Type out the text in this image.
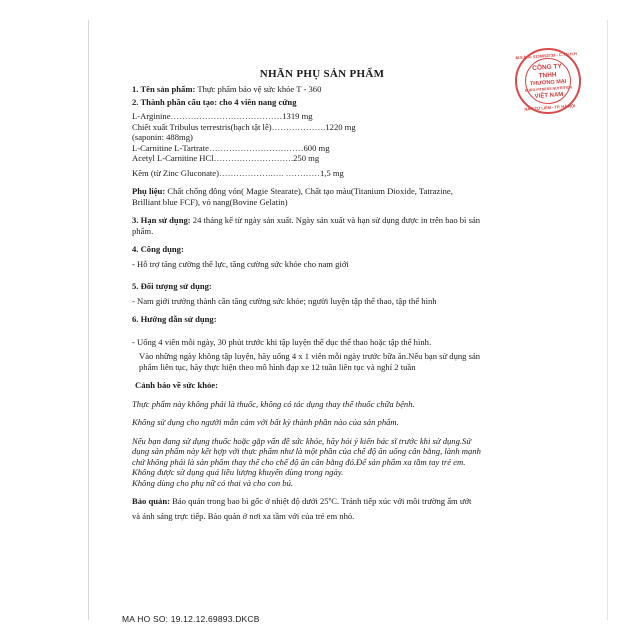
NHÃN PHỤ SẢN PHẨM
M.S.D.N: 0106653739 - C.T.N.H.H
CÔNG TY
TNHH
THƯƠNG MẠI
EURO FITNESS NUTRITION
VIỆT NAM
NAM TỪ LIÊM - TP. HÀ NỘI
1. Tên sản phẩm: Thực phẩm bảo vệ sức khỏe T - 360
2. Thành phần cấu tạo: cho 4 viên nang cứng
L-Arginine ………………………………… 1319 mg
Chiết xuất Tribulus terrestris(bạch tật lê) ………………. 1220 mg
(saponin: 488mg)
L-Carnitine L-Tartrate …………………………… 600 mg
Acetyl L-Carnitine HCl ………………………. 250 mg
Kẽm (từ Zinc Gluconate) ……………….…. ………… 1,5 mg
Phụ liệu: Chất chống đông vón( Magie Stearate), Chất tạo màu(Titanium Dioxide, Tatrazine,
Brilliant blue FCF), vỏ nang(Bovine Gelatin)
3. Hạn sử dụng: 24 tháng kể từ ngày sản xuất. Ngày sản xuất và hạn sử dụng được in trên bao bì sản
phẩm.
4. Công dụng:
- Hỗ trợ tăng cường thể lực, tăng cường sức khỏe cho nam giới
5. Đối tượng sử dụng:
- Nam giới trưởng thành cần tăng cường sức khỏe; người luyện tập thể thao, tập thể hình
6. Hướng dẫn sử dụng:
- Uống 4 viên mỗi ngày, 30 phút trước khi tập luyện thể dục thể thao hoặc tập thể hình.
Vào những ngày không tập luyện, hãy uống 4 x 1 viên mỗi ngày trước bữa ăn.Nếu bạn sử dụng sản
phẩm liên tục, hãy thực hiện theo mô hình đạp xe 12 tuần liên tục và nghỉ 2 tuần
Cảnh báo về sức khỏe:
Thực phẩm này không phải là thuốc, không có tác dụng thay thế thuốc chữa bệnh.
Không sử dụng cho người mẫn cảm với bất kỳ thành phần nào của sản phẩm.
Nếu bạn đang sử dụng thuốc hoặc gặp vấn đề sức khỏe, hãy hỏi ý kiến bác sĩ trước khi sử dụng.Sử
dụng sản phẩm này kết hợp với thực phẩm như là một phần của chế độ ăn uống cân bằng, lành mạnh
chứ không phải là sản phẩm thay thế cho chế độ ăn cân bằng đó.Để sản phẩm xa tầm tay trẻ em.
Không được sử dụng quá liều lượng khuyến dùng trong ngày.
Không dùng cho phụ nữ có thai và cho con bú.
Bảo quản: Bảo quản trong bao bì gốc ở nhiệt độ dưới 25ºC. Tránh tiếp xúc với môi trường ẩm ướt
và ánh sáng trực tiếp. Bảo quản ở nơi xa tầm với của trẻ em nhỏ.
MA HO SO: 19.12.12.69893.DKCB
